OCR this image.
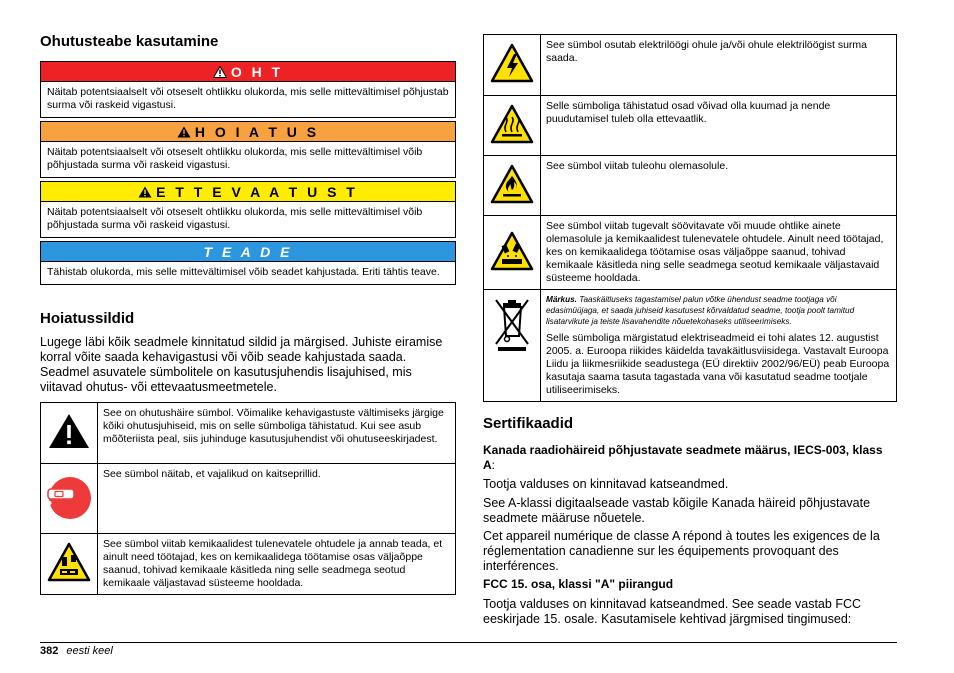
Ohutusteabe kasutamine
O H T
Näitab potentsiaalselt või otseselt ohtlikku olukorda, mis selle mittevältimisel põhjustab surma või raskeid vigastusi.
H O I A T U S
Näitab potentsiaalselt või otseselt ohtlikku olukorda, mis selle mittevältimisel võib põhjustada surma või raskeid vigastusi.
E T T E V A A T U S T
Näitab potentsiaalselt või otseselt ohtlikku olukorda, mis selle mittevältimisel võib põhjustada surma või raskeid vigastusi.
T E A D E
Tähistab olukorda, mis selle mittevältimisel võib seadet kahjustada. Eriti tähtis teave.
Hoiatussildid

Lugege läbi kõik seadmele kinnitatud sildid ja märgised. Juhiste eiramise korral võite saada kehavigastusi või võib seade kahjustada saada. Seadmel asuvatele sümbolitele on kasutusjuhendis lisajuhised, mis viitavad ohutus- või ettevaatusmeetmetele.

	See on ohutushäire sümbol. Võimalike kehavigastuste vältimiseks järgige kõiki ohutusjuhiseid, mis on selle sümboliga tähistatud. Kui see asub mõõteriista peal, siis juhinduge kasutusjuhendist või ohutuseeskirjadest.
	See sümbol näitab, et vajalikud on kaitseprillid.
	See sümbol viitab kemikaalidest tulenevatele ohtudele ja annab teada, et ainult need töötajad, kes on kemikaalidega töötamise osas väljaõppe saanud, tohivad kemikaale käsitleda ning selle seadmega seotud kemikaale väljastavad süsteeme hooldada.
	See sümbol osutab elektrilöögi ohule ja/või ohule elektrilöögist surma saada.
	Selle sümboliga tähistatud osad võivad olla kuumad ja nende puudutamisel tuleb olla ettevaatlik.
	See sümbol viitab tuleohu olemasolule.
	See sümbol viitab tugevalt söövitavate või muude ohtlike ainete olemasolule ja kemikaalidest tulenevatele ohtudele. Ainult need töötajad, kes on kemikaalidega töötamise osas väljaõppe saanud, tohivad kemikaale käsitleda ning selle seadmega seotud kemikaale väljastavaid süsteeme hooldada.

Märkus. Taaskäitluseks tagastamisel palun võtke ühendust seadme tootjaga või edasimüüjaga, et saada juhiseid kasutusest kõrvaldatud seadme, tootja poolt tamitud lisatarvikute ja teiste lisavahendite nõuetekohaseks utiliseerimiseks.
Selle sümboliga märgistatud elektriseadmeid ei tohi alates 12. augustist 2005. a. Euroopa riikides käidelda tavakäitlusviisidega. Vastavalt Euroopa Liidu ja liikmesriikide seadustega (EÜ direktiiv 2002/96/EÜ) peab Euroopa kasutaja saama tasuta tagastada vana või kasutatud seadme tootjale utiliseerimiseks.
Sertifikaadid
Kanada raadiohäireid põhjustavate seadmete määrus, IECS-003, klass A:

Tootja valduses on kinnitavad katseandmed.

See A-klassi digitaalseade vastab kõigile Kanada häireid põhjustavate seadmete määruse nõuetele.

Cet appareil numérique de classe A répond à toutes les exigences de la réglementation canadienne sur les équipements provoquant des interférences.

FCC 15. osa, klassi "A" piirangud

Tootja valduses on kinnitavad katseandmed. See seade vastab FCC eeskirjade 15. osale. Kasutamisele kehtivad järgmised tingimused:

382 eesti keel
